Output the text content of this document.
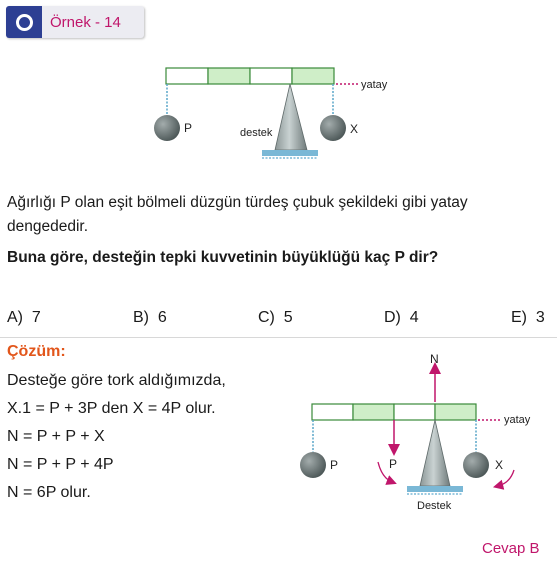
Örnek - 14
yatay
P	X
destek
Ağırlığı P olan eşit bölmeli düzgün türdeş çubuk şekildeki gibi yatay
dengededir.
Buna göre, desteğin tepki kuvvetinin büyüklüğü kaç P dir?
A) 7	B) 6	C) 5	D) 4	E) 3
Çözüm:
Desteğe göre tork aldığımızda,
X.1 = P + 3P den X = 4P olur.
N = P + P + X
N = P + P + 4P
N = 6P olur.
N
yatay
P	X
P
Destek
Cevap B
